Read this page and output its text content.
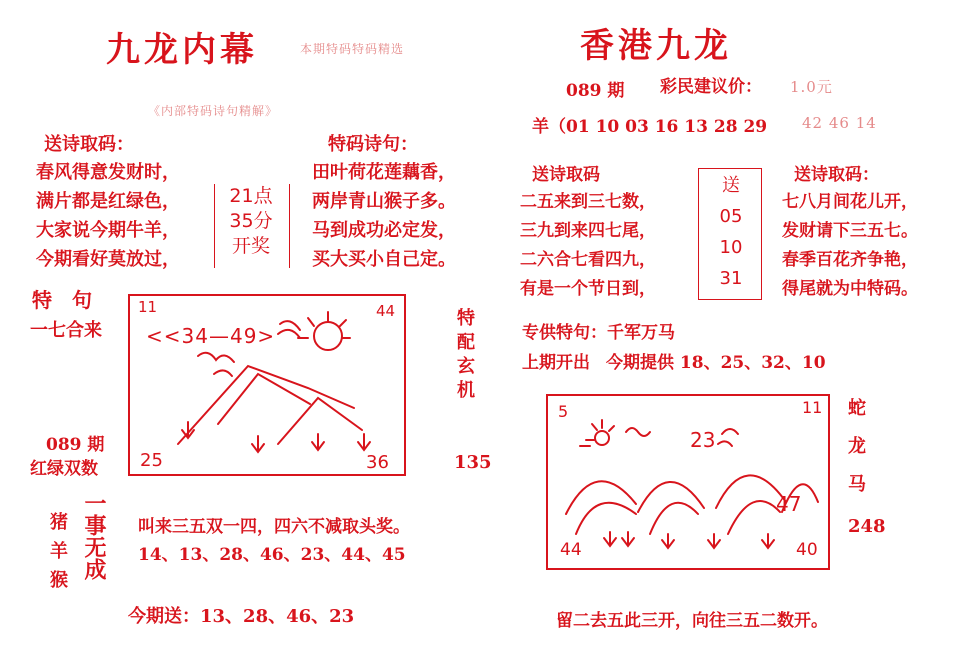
九龙内幕	本期特码特码精选
《内部特码诗句精解》
送诗取码：
春风得意发财时，
满片都是红绿色，
大家说今期牛羊，
今期看好莫放过，
21点
35分
开奖
特码诗句：
田叶荷花莲藕香，
两岸青山猴子多。
马到成功必定发，
买大买小自己定。
特　句
一七合来
089 期
红绿双数
11	44
25	36
<<34—49>	特配玄机
135
猪
羊
猴
一事无成 叫来三五双一四，四六不减取头奖。
14、13、28、46、23、44、45
今期送：13、28、46、23
香港九龙
089 期 彩民建议价： 1.0元
羊（01 10 03 16 13 28 29 42 46 14
送诗取码
二五来到三七数，
三九到来四七尾，
二六合七看四九，
有是一个节日到，
送
05
10
31
送诗取码：
七八月间花儿开，
发财请下三五七。
春季百花齐争艳，
得尾就为中特码。
专供特句：千军万马
上期开出 今期提供 18、25、32、10
5	11
44	40
23
47
蛇
龙
马
248
留二去五此三开，向往三五二数开。
